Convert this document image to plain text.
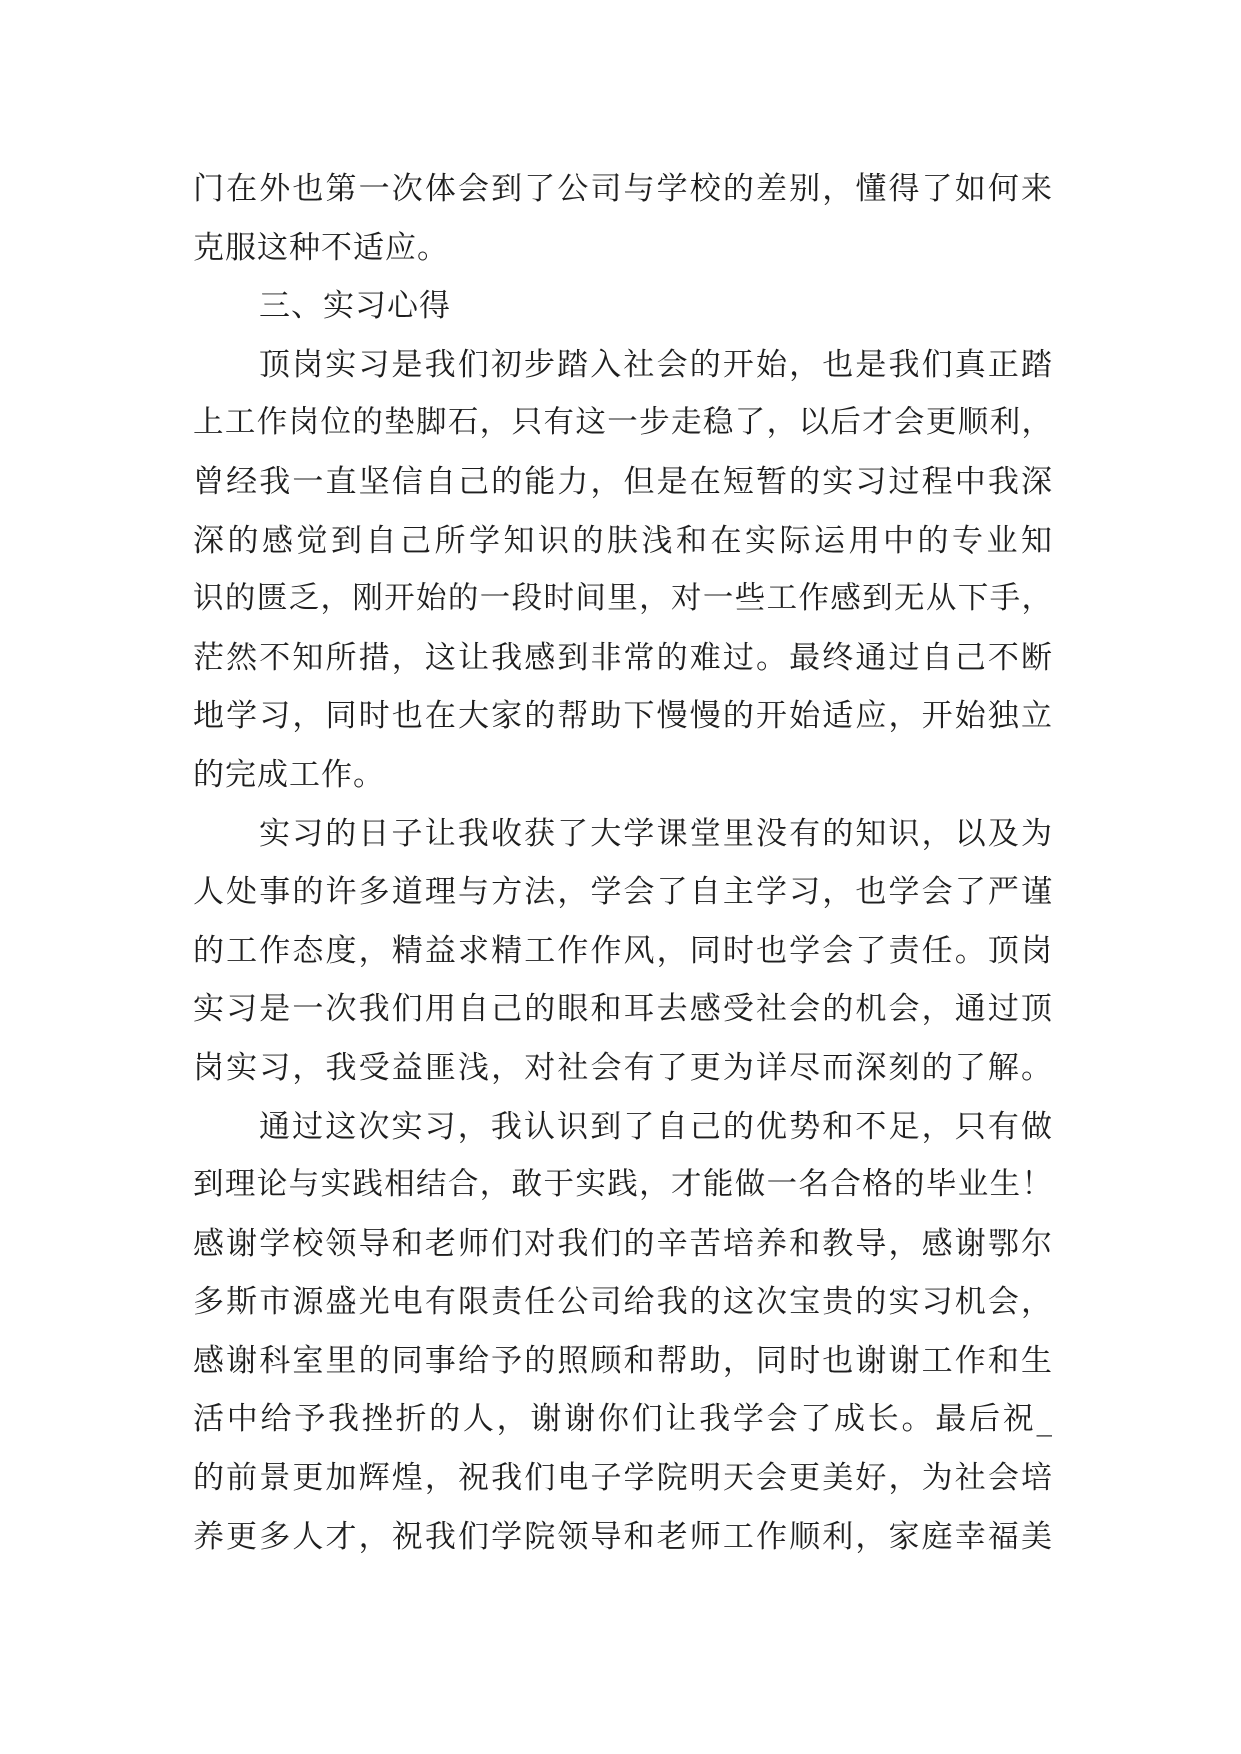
门在外也第一次体会到了公司与学校的差别，懂得了如何来
克服这种不适应。
三、实习心得
顶岗实习是我们初步踏入社会的开始，也是我们真正踏
上工作岗位的垫脚石，只有这一步走稳了，以后才会更顺利，
曾经我一直坚信自己的能力，但是在短暂的实习过程中我深
深的感觉到自己所学知识的肤浅和在实际运用中的专业知
识的匮乏，刚开始的一段时间里，对一些工作感到无从下手，
茫然不知所措，这让我感到非常的难过。最终通过自己不断
地学习，同时也在大家的帮助下慢慢的开始适应，开始独立
的完成工作。
实习的日子让我收获了大学课堂里没有的知识，以及为
人处事的许多道理与方法，学会了自主学习，也学会了严谨
的工作态度，精益求精工作作风，同时也学会了责任。顶岗
实习是一次我们用自己的眼和耳去感受社会的机会，通过顶
岗实习，我受益匪浅，对社会有了更为详尽而深刻的了解。
通过这次实习，我认识到了自己的优势和不足，只有做
到理论与实践相结合，敢于实践，才能做一名合格的毕业生！
感谢学校领导和老师们对我们的辛苦培养和教导，感谢鄂尔
多斯市源盛光电有限责任公司给我的这次宝贵的实习机会，
感谢科室里的同事给予的照顾和帮助，同时也谢谢工作和生
活中给予我挫折的人，谢谢你们让我学会了成长。最后祝_
的前景更加辉煌，祝我们电子学院明天会更美好，为社会培
养更多人才，祝我们学院领导和老师工作顺利，家庭幸福美
